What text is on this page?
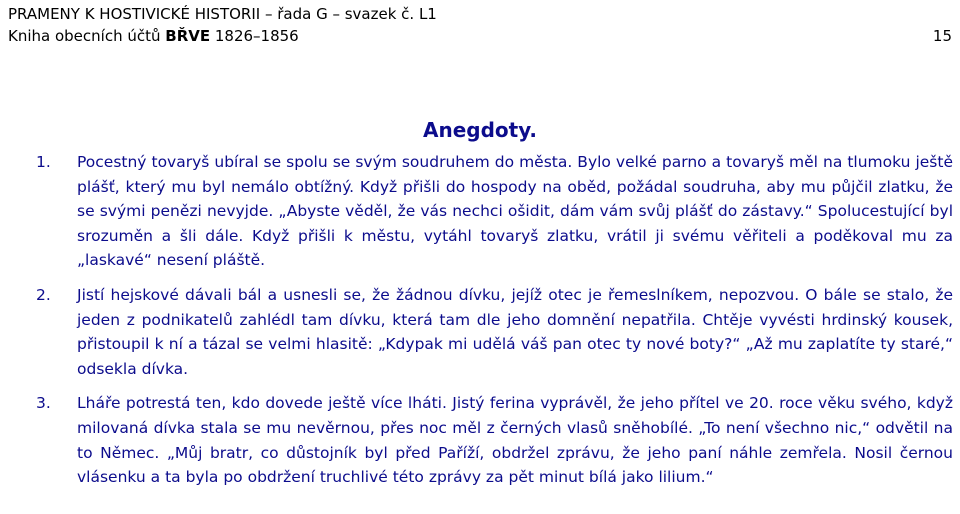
PRAMENY K HOSTIVICKÉ HISTORII – řada G – svazek č. L1
Kniha obecních účtů BŘVE 1826–1856	15
Anegdoty.
1. Pocestný tovaryš ubíral se spolu se svým soudruhem do města. Bylo velké parno a tovaryš měl na tlumoku ještě plášť, který mu byl nemálo obtížný. Když přišli do hospody na oběd, požádal soudruha, aby mu půjčil zlatku, že se svými penězi nevyjde. „Abyste věděl, že vás nechci ošidit, dám vám svůj plášť do zástavy.“ Spolucestující byl srozuměn a šli dále. Když přišli k městu, vytáhl tovaryš zlatku, vrátil ji svému věřiteli a poděkoval mu za „laskavé“ nesení pláště.
2. Jistí hejskové dávali bál a usnesli se, že žádnou dívku, jejíž otec je řemeslníkem, nepozvou. O bále se stalo, že jeden z podnikatelů zahlédl tam dívku, která tam dle jeho domnění nepatřila. Chtěje vyvésti hrdinský kousek, přistoupil k ní a tázal se velmi hlasitě: „Kdypak mi udělá váš pan otec ty nové boty?“ „Až mu zaplatíte ty staré,“ odsekla dívka.
3. Lháře potrestá ten, kdo dovede ještě více lháti. Jistý ferina vyprávěl, že jeho přítel ve 20. roce věku svého, když milovaná dívka stala se mu nevěrnou, přes noc měl z černých vlasů sněhobílé. „To není všechno nic,“ odvětil na to Němec. „Můj bratr, co důstojník byl před Paříží, obdržel zprávu, že jeho paní náhle zemřela. Nosil černou vlásenku a ta byla po obdržení truchlivé této zprávy za pět minut bílá jako lilium.“
